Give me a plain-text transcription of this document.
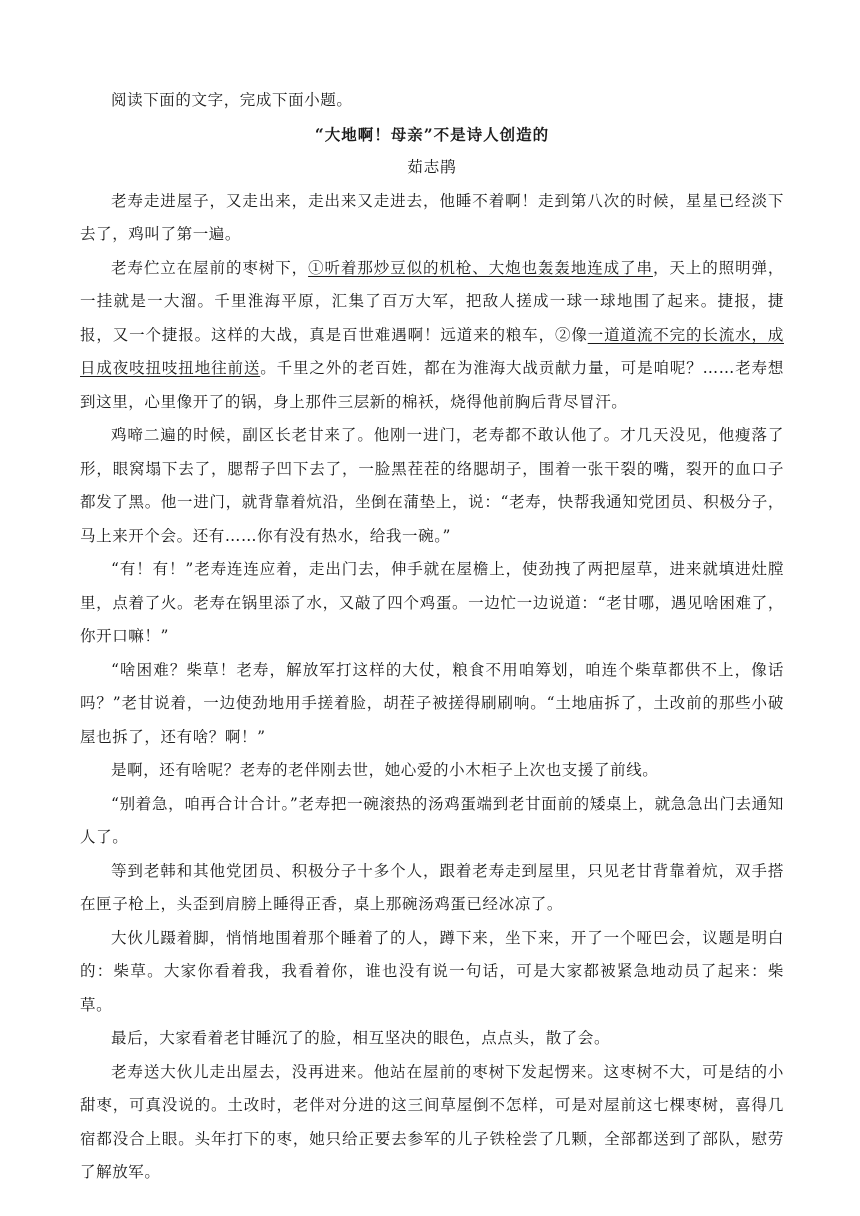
阅读下面的文字，完成下面小题。

“大地啊！母亲”不是诗人创造的

茹志鹃

老寿走进屋子，又走出来，走出来又走进去，他睡不着啊！走到第八次的时候，星星已经淡下去了，鸡叫了第一遍。

老寿伫立在屋前的枣树下，①听着那炒豆似的机枪、大炮也轰轰地连成了串，天上的照明弹，一挂就是一大溜。千里淮海平原，汇集了百万大军，把敌人搓成一球一球地围了起来。捷报，捷报，又一个捷报。这样的大战，真是百世难遇啊！远道来的粮车，②像一道道流不完的长流水，成日成夜吱扭吱扭地往前送。千里之外的老百姓，都在为淮海大战贡献力量，可是咱呢？……老寿想到这里，心里像开了的锅，身上那件三层新的棉袄，烧得他前胸后背尽冒汗。

鸡啼二遍的时候，副区长老甘来了。他刚一进门，老寿都不敢认他了。才几天没见，他瘦落了形，眼窝塌下去了，腮帮子凹下去了，一脸黑茬茬的络腮胡子，围着一张干裂的嘴，裂开的血口子都发了黑。他一进门，就背靠着炕沿，坐倒在蒲垫上，说：“老寿，快帮我通知党团员、积极分子，马上来开个会。还有……你有没有热水，给我一碗。”

“有！有！”老寿连连应着，走出门去，伸手就在屋檐上，使劲拽了两把屋草，进来就填进灶膛里，点着了火。老寿在锅里添了水，又敲了四个鸡蛋。一边忙一边说道：“老甘哪，遇见啥困难了，你开口嘛！”

“啥困难？柴草！老寿，解放军打这样的大仗，粮食不用咱筹划，咱连个柴草都供不上，像话吗？”老甘说着，一边使劲地用手搓着脸，胡茬子被搓得刷刷响。“土地庙拆了，土改前的那些小破屋也拆了，还有啥？啊！”

是啊，还有啥呢？老寿的老伴刚去世，她心爱的小木柜子上次也支援了前线。

“别着急，咱再合计合计。”老寿把一碗滚热的汤鸡蛋端到老甘面前的矮桌上，就急急出门去通知人了。

等到老韩和其他党团员、积极分子十多个人，跟着老寿走到屋里，只见老甘背靠着炕，双手搭在匣子枪上，头歪到肩膀上睡得正香，桌上那碗汤鸡蛋已经冰凉了。

大伙儿蹑着脚，悄悄地围着那个睡着了的人，蹲下来，坐下来，开了一个哑巴会，议题是明白的：柴草。大家你看着我，我看着你，谁也没有说一句话，可是大家都被紧急地动员了起来：柴草。

最后，大家看着老甘睡沉了的脸，相互坚决的眼色，点点头，散了会。

老寿送大伙儿走出屋去，没再进来。他站在屋前的枣树下发起愣来。这枣树不大，可是结的小甜枣，可真没说的。土改时，老伴对分进的这三间草屋倒不怎样，可是对屋前这七棵枣树，喜得几宿都没合上眼。头年打下的枣，她只给正要去参军的儿子铁栓尝了几颗，全部都送到了部队，慰劳了解放军。
